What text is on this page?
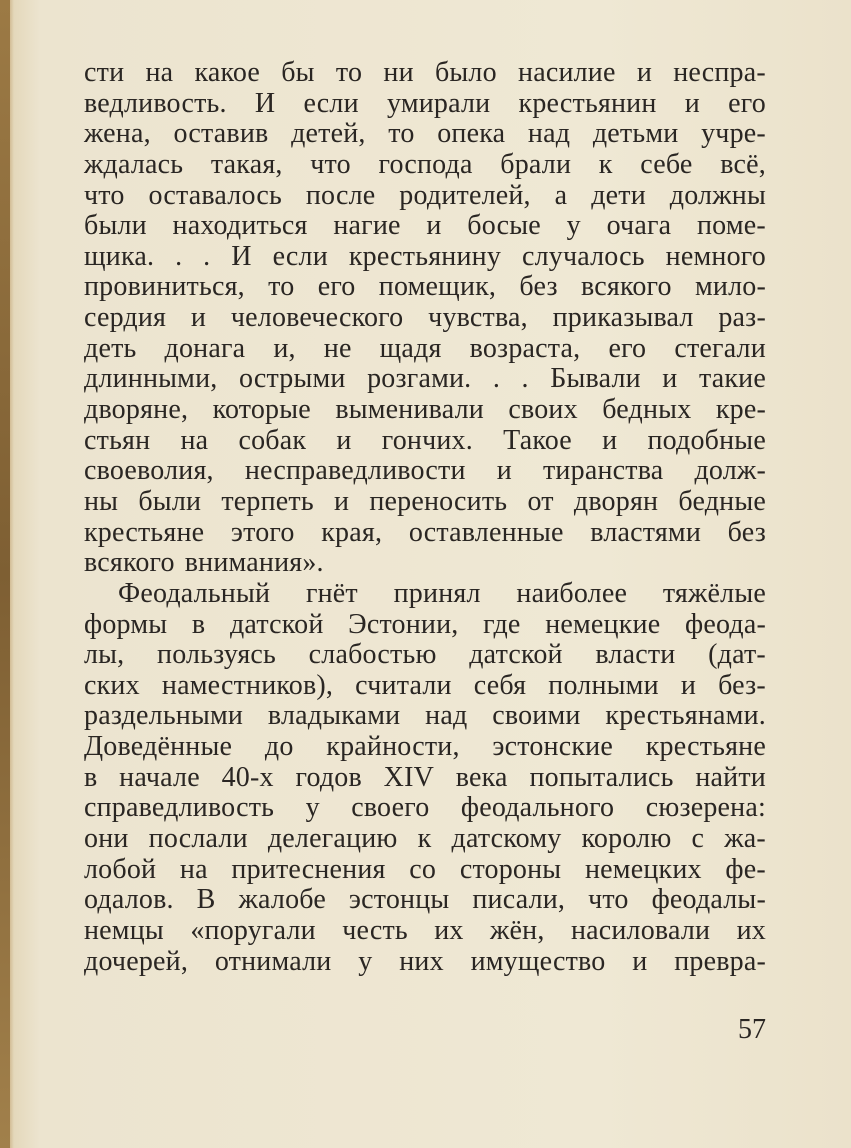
сти на какое бы то ни было насилие и неспра-
ведливость. И если умирали крестьянин и его
жена, оставив детей, то опека над детьми учре-
ждалась такая, что господа брали к себе всё,
что оставалось после родителей, а дети должны
были находиться нагие и босые у очага поме-
щика. . . И если крестьянину случалось немного
провиниться, то его помещик, без всякого мило-
сердия и человеческого чувства, приказывал раз-
деть донага и, не щадя возраста, его стегали
длинными, острыми розгами. . . Бывали и такие
дворяне, которые выменивали своих бедных кре-
стьян на собак и гончих. Такое и подобные
своеволия, несправедливости и тиранства долж-
ны были терпеть и переносить от дворян бедные
крестьяне этого края, оставленные властями без
всякого внимания».
Феодальный гнёт принял наиболее тяжёлые
формы в датской Эстонии, где немецкие феода-
лы, пользуясь слабостью датской власти (дат-
ских наместников), считали себя полными и без-
раздельными владыками над своими крестьянами.
Доведённые до крайности, эстонские крестьяне
в начале 40-х годов XIV века попытались найти
справедливость у своего феодального сюзерена:
они послали делегацию к датскому королю с жа-
лобой на притеснения со стороны немецких фе-
одалов. В жалобе эстонцы писали, что феодалы-
немцы «поругали честь их жён, насиловали их
дочерей, отнимали у них имущество и превра-
57
